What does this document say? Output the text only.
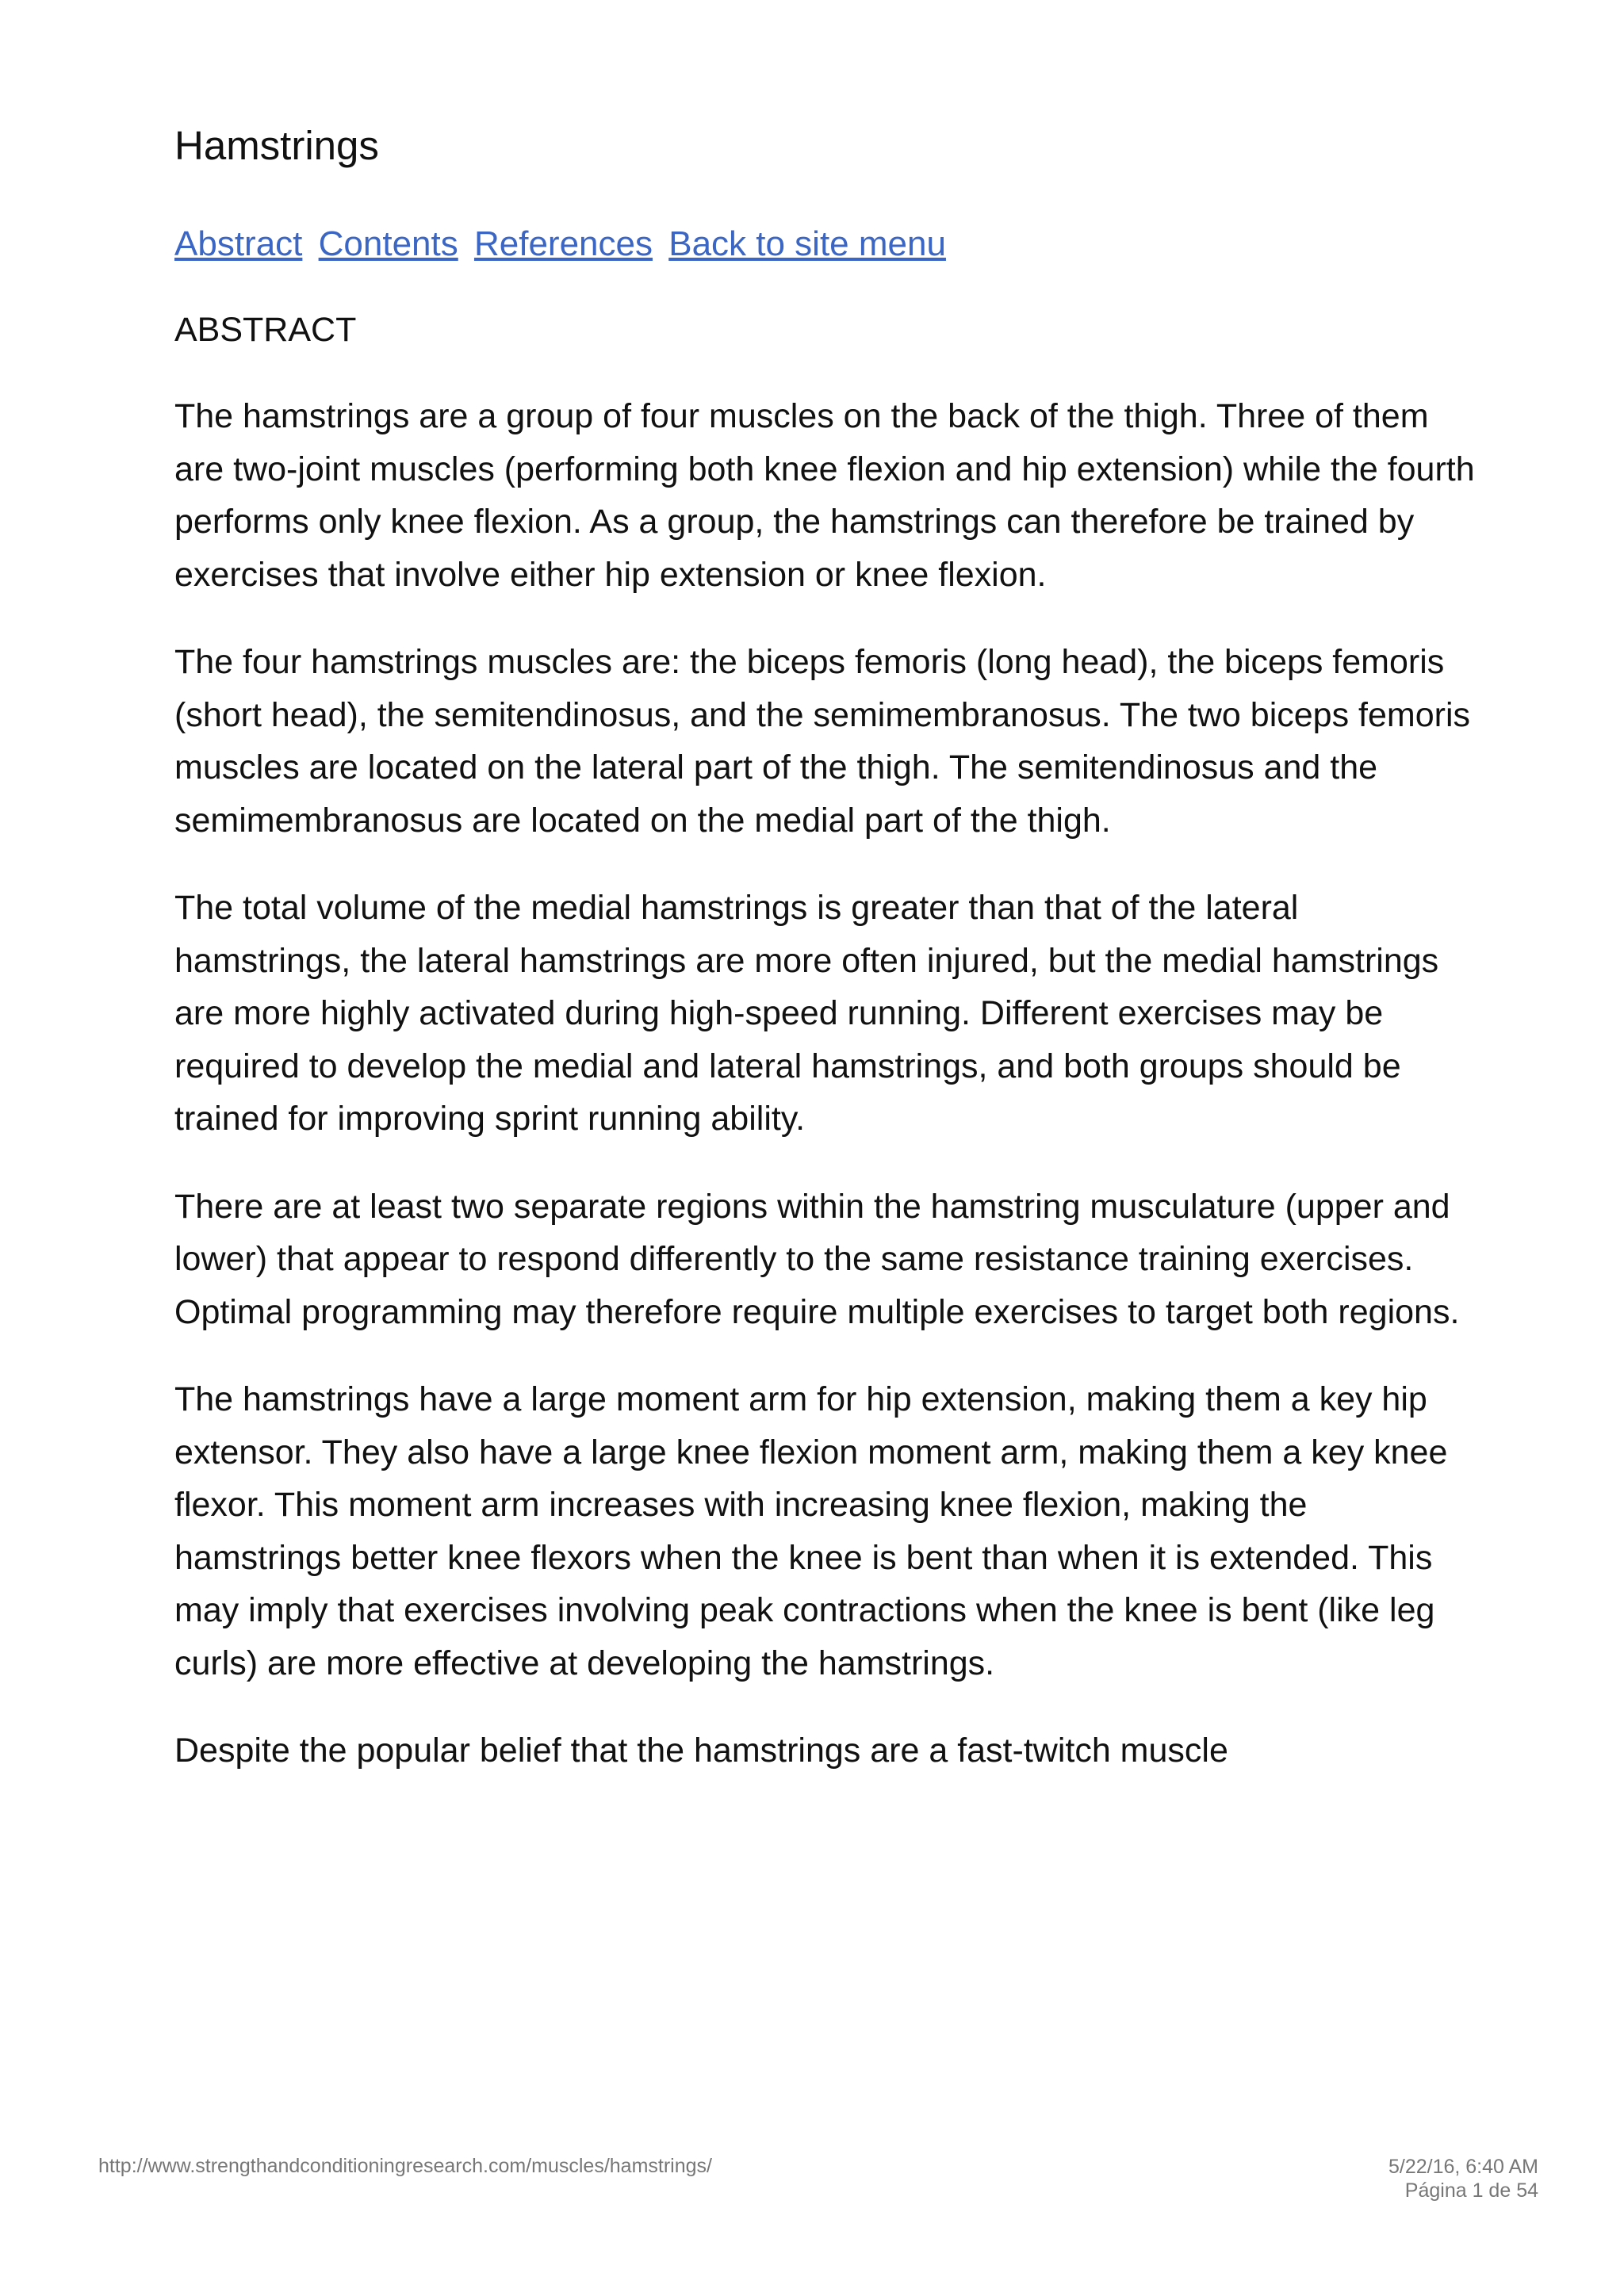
Hamstrings
Abstract Contents References Back to site menu
ABSTRACT

The hamstrings are a group of four muscles on the back of the thigh. Three of them are two-joint muscles (performing both knee flexion and hip extension) while the fourth performs only knee flexion. As a group, the hamstrings can therefore be trained by exercises that involve either hip extension or knee flexion.

The four hamstrings muscles are: the biceps femoris (long head), the biceps femoris (short head), the semitendinosus, and the semimembranosus. The two biceps femoris muscles are located on the lateral part of the thigh. The semitendinosus and the semimembranosus are located on the medial part of the thigh.

The total volume of the medial hamstrings is greater than that of the lateral hamstrings, the lateral hamstrings are more often injured, but the medial hamstrings are more highly activated during high-speed running. Different exercises may be required to develop the medial and lateral hamstrings, and both groups should be trained for improving sprint running ability.

There are at least two separate regions within the hamstring musculature (upper and lower) that appear to respond differently to the same resistance training exercises. Optimal programming may therefore require multiple exercises to target both regions.

The hamstrings have a large moment arm for hip extension, making them a key hip extensor. They also have a large knee flexion moment arm, making them a key knee flexor. This moment arm increases with increasing knee flexion, making the hamstrings better knee flexors when the knee is bent than when it is extended. This may imply that exercises involving peak contractions when the knee is bent (like leg curls) are more effective at developing the hamstrings.

Despite the popular belief that the hamstrings are a fast-twitch muscle

http://www.strengthandconditioningresearch.com/muscles/hamstrings/	5/22/16, 6:40 AM
Página 1 de 54
